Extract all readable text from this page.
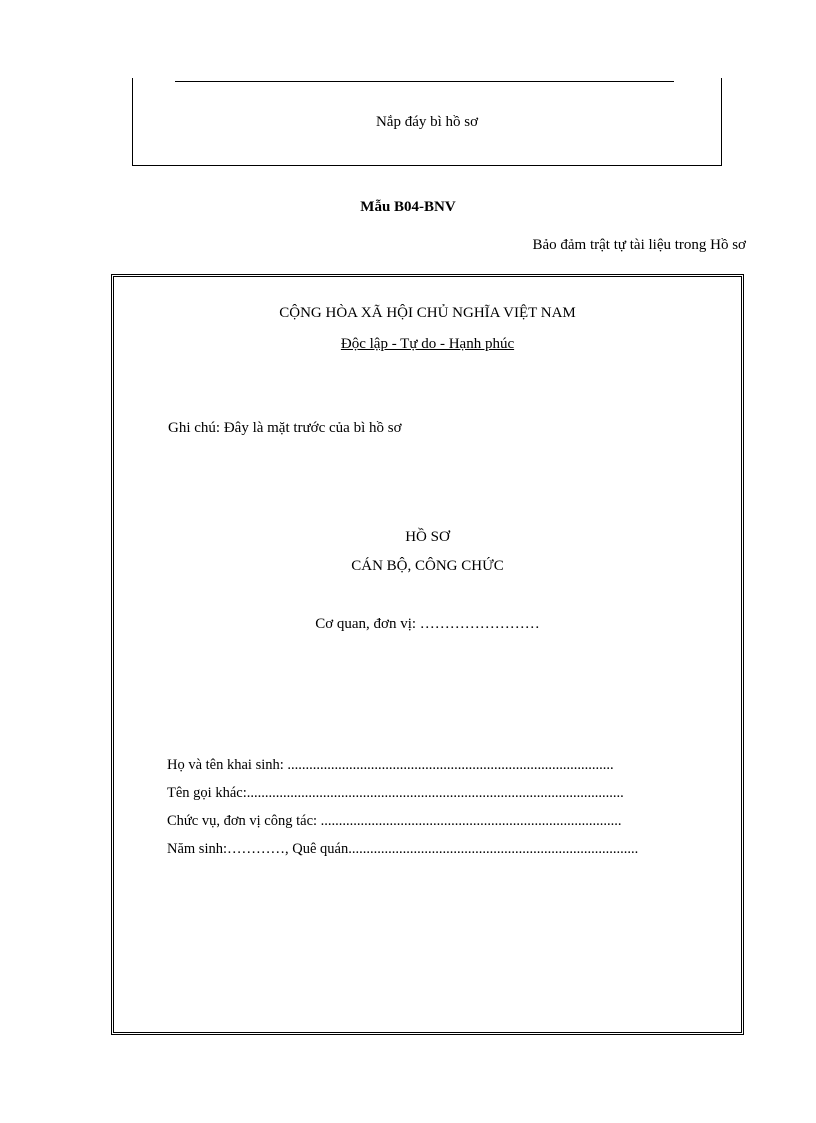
Nắp đáy bì hồ sơ
Mẫu B04-BNV
Bảo đảm trật tự tài liệu trong Hồ sơ
CỘNG HÒA XÃ HỘI CHỦ NGHĨA VIỆT NAM
Độc lập - Tự do - Hạnh phúc
Ghi chú: Đây là mặt trước của bì hồ sơ
HỒ SƠ
CÁN BỘ, CÔNG CHỨC
Cơ quan, đơn vị: ……………………
Họ và tên khai sinh: ..........................................................................................
Tên gọi khác:........................................................................................................
Chức vụ, đơn vị công tác: ...................................................................................
Năm sinh:…………, Quê quán................................................................................
